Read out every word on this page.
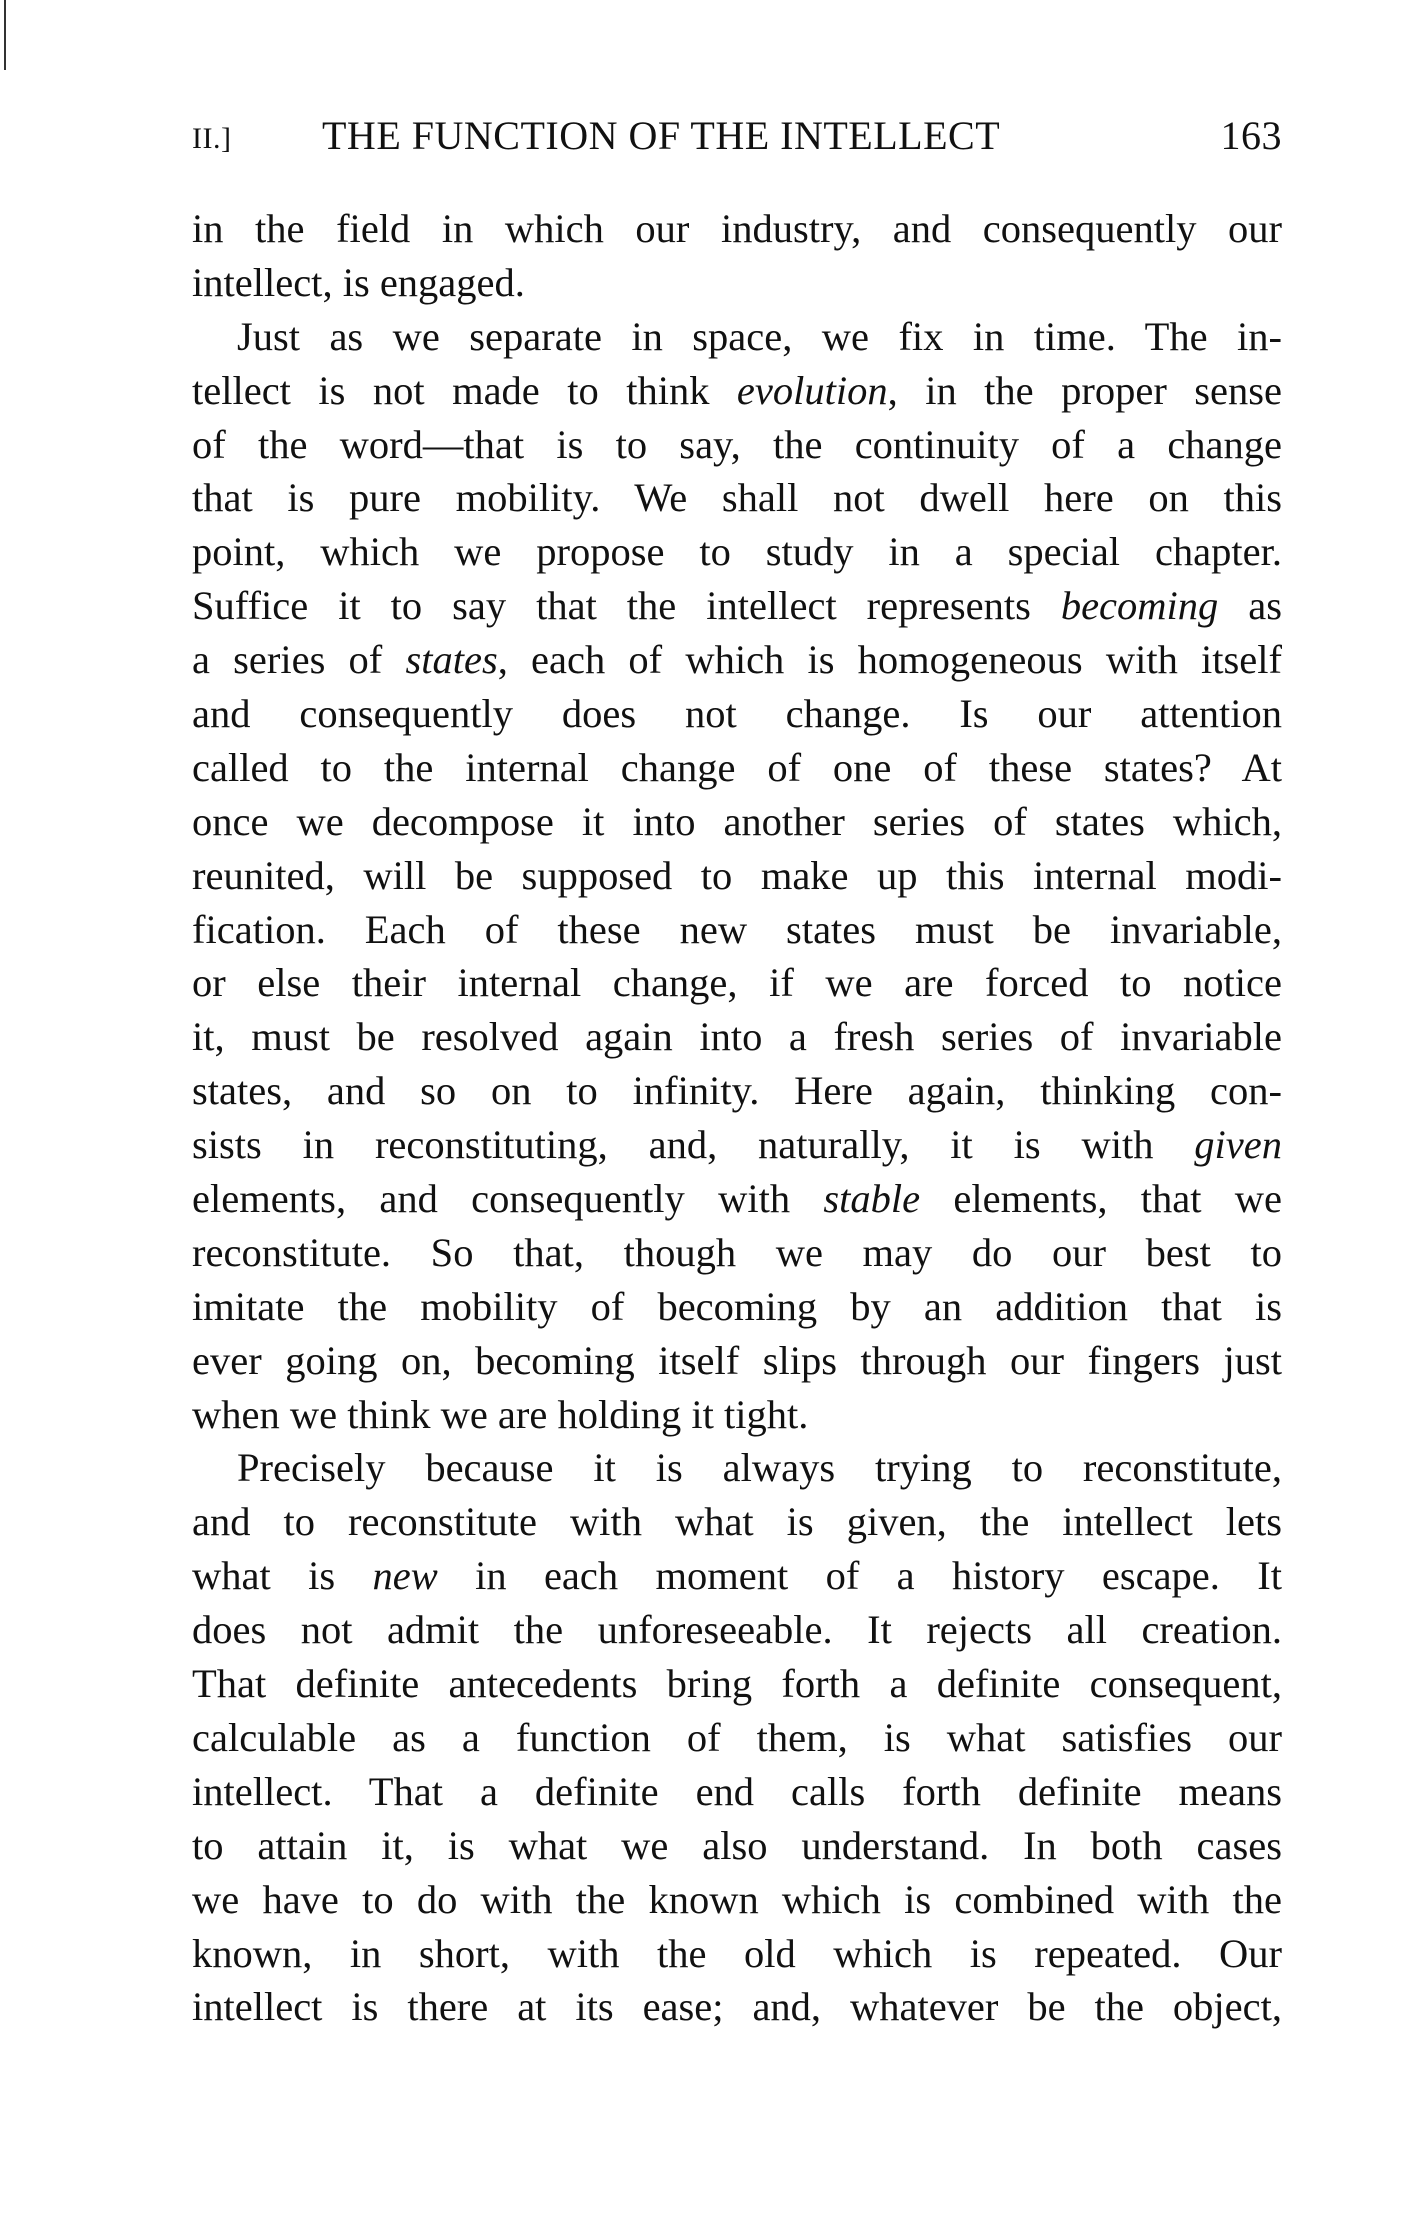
II.] THE FUNCTION OF THE INTELLECT	163
in the field in which our industry, and consequently our
intellect, is engaged.
Just as we separate in space, we fix in time. The in-
tellect is not made to think evolution, in the proper sense
of the word—that is to say, the continuity of a change
that is pure mobility. We shall not dwell here on this
point, which we propose to study in a special chapter.
Suffice it to say that the intellect represents becoming as
a series of states, each of which is homogeneous with itself
and consequently does not change. Is our attention
called to the internal change of one of these states? At
once we decompose it into another series of states which,
reunited, will be supposed to make up this internal modi-
fication. Each of these new states must be invariable,
or else their internal change, if we are forced to notice
it, must be resolved again into a fresh series of invariable
states, and so on to infinity. Here again, thinking con-
sists in reconstituting, and, naturally, it is with given
elements, and consequently with stable elements, that we
reconstitute. So that, though we may do our best to
imitate the mobility of becoming by an addition that is
ever going on, becoming itself slips through our fingers just
when we think we are holding it tight.
Precisely because it is always trying to reconstitute,
and to reconstitute with what is given, the intellect lets
what is new in each moment of a history escape. It
does not admit the unforeseeable. It rejects all creation.
That definite antecedents bring forth a definite consequent,
calculable as a function of them, is what satisfies our
intellect. That a definite end calls forth definite means
to attain it, is what we also understand. In both cases
we have to do with the known which is combined with the
known, in short, with the old which is repeated. Our
intellect is there at its ease; and, whatever be the object,
